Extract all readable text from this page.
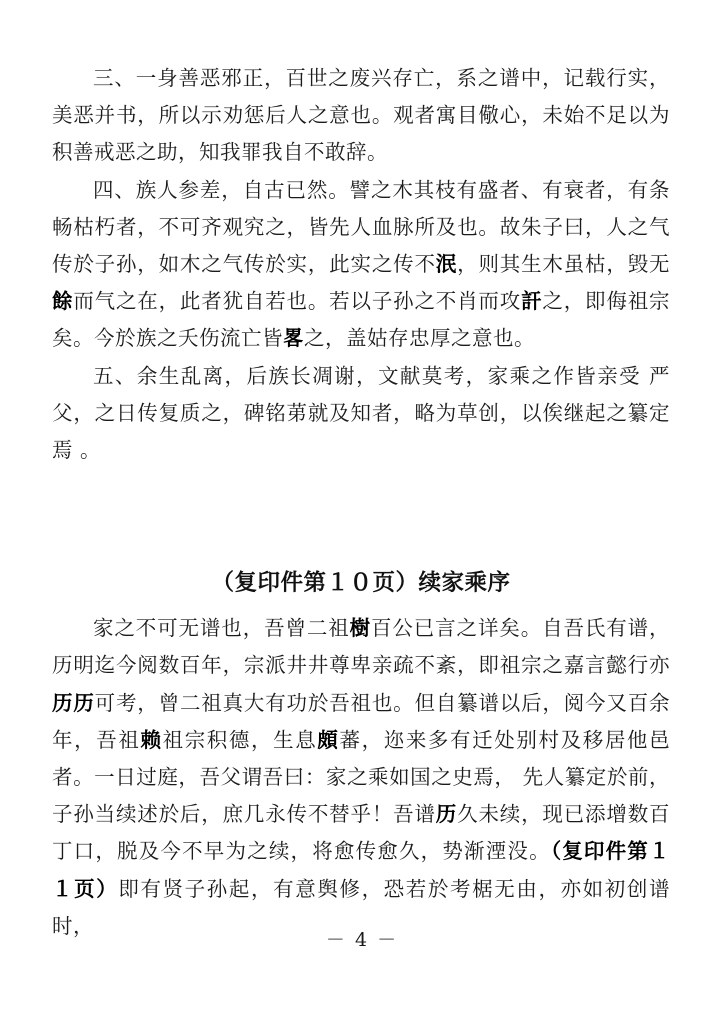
三、一身善恶邪正，百世之废兴存亡，系之谱中，记载行实，美恶并书，所以示劝惩后人之意也。观者寓目儆心，未始不足以为积善戒恶之助，知我罪我自不敢辞。

四、族人参差，自古已然。譬之木其枝有盛者、有衰者，有条畅枯朽者，不可齐观究之，皆先人血脉所及也。故朱子曰，人之气传於子孙，如木之气传於实，此实之传不泯，则其生木虽枯，毁无餘而气之在，此者犹自若也。若以子孙之不肖而攻訐之，即侮祖宗矣。今於族之夭伤流亡皆畧之，盖姑存忠厚之意也。

五、余生乱离，后族长凋谢，文献莫考，家乘之作皆亲受 严父，之日传复质之，碑铭苐就及知者，略为草创，以俟继起之纂定焉 。

（复印件第１０页）续家乘序

家之不可无谱也，吾曾二祖樹百公已言之详矣。自吾氏有谱，历明迄今阅数百年，宗派井井尊卑亲疏不紊，即祖宗之嘉言懿行亦历历可考，曾二祖真大有功於吾祖也。但自纂谱以后，阅今又百余年，吾祖赖祖宗积德，生息頗蕃，迩来多有迁处别村及移居他邑者。一日过庭，吾父谓吾曰：家之乘如国之史焉， 先人纂定於前，子孙当续述於后，庶几永传不替乎！吾谱历久未续，现已添增数百丁口，脱及今不早为之续，将愈传愈久，势渐湮没。（复印件第１１页）即有贤子孙起，有意舆修，恐若於考椐无由，亦如初创谱时，

－ 4 －
